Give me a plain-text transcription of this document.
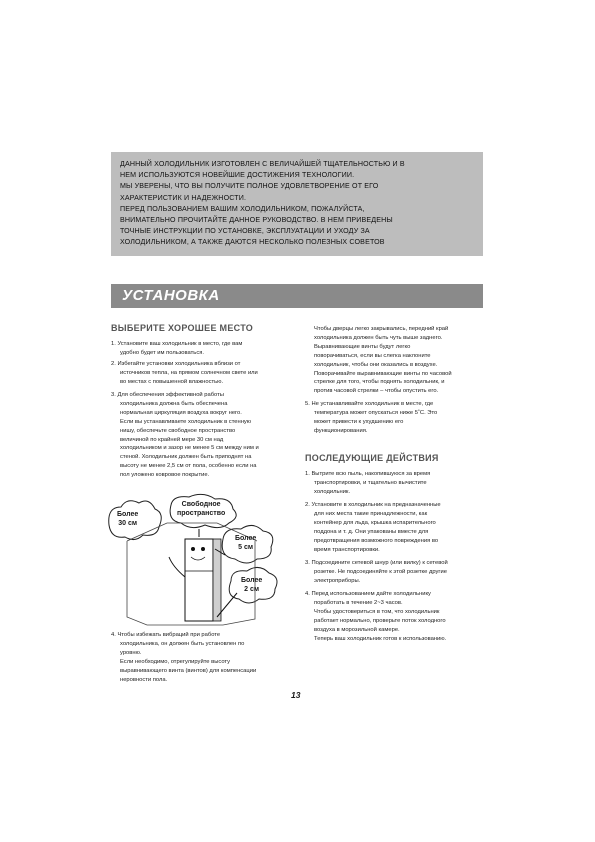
ДАННЫЙ ХОЛОДИЛЬНИК ИЗГОТОВЛЕН С ВЕЛИЧАЙШЕЙ ТЩАТЕЛЬНОСТЬЮ И В
НЕМ ИСПОЛЬЗУЮТСЯ НОВЕЙШИЕ ДОСТИЖЕНИЯ ТЕХНОЛОГИИ.
МЫ УВЕРЕНЫ, ЧТО ВЫ ПОЛУЧИТЕ ПОЛНОЕ УДОВЛЕТВОРЕНИЕ ОТ ЕГО
ХАРАКТЕРИСТИК И НАДЕЖНОСТИ.
ПЕРЕД ПОЛЬЗОВАНИЕМ ВАШИМ ХОЛОДИЛЬНИКОМ, ПОЖАЛУЙСТА,
ВНИМАТЕЛЬНО ПРОЧИТАЙТЕ ДАННОЕ РУКОВОДСТВО. В НЕМ ПРИВЕДЕНЫ
ТОЧНЫЕ ИНСТРУКЦИИ ПО УСТАНОВКЕ, ЭКСПЛУАТАЦИИ И УХОДУ ЗА
ХОЛОДИЛЬНИКОМ, А ТАКЖЕ ДАЮТСЯ НЕСКОЛЬКО ПОЛЕЗНЫХ СОВЕТОВ
УСТАНОВКА
ВЫБЕРИТЕ ХОРОШЕЕ МЕСТО
1. Установите ваш холодильник в место, где вам
удобно будет им пользоваться.
2. Избегайте установки холодильника вблизи от
источников тепла, на прямом солнечном свете или
во местах с повышенной влажностью.
3. Для обеспечения эффективной работы
холодильника должна быть обеспечена
нормальная циркуляция воздуха вокруг него.
Если вы устанавливаете холодильник в стенную
нишу, обеспечьте свободное пространство
величиной по крайней мере 30 см над
холодильником и зазор не менее 5 см между ним и
стеной. Холодильник должен быть приподнят на
высоту не менее 2,5 см от пола, особенно если на
пол уложено ковровое покрытие.
Более
30 см
Свободное
пространство
Более
5 см
Более
2 см
4. Чтобы избежать вибраций при работе
холодильника, он должен быть установлен по
уровню.
Если необходимо, отрегулируйте высоту
выравнивающего винта (винтов) для компенсации
неровности пола.
Чтобы дверцы легко закрывались, передний край
холодильника должен быть чуть выше заднего.
Выравнивающие винты будут легко
поворачиваться, если вы слегка наклоните
холодильник, чтобы они оказались в воздухе.
Поворачивайте выравнивающие винты по часовой
стрелке для того, чтобы поднять холодильник, и
против часовой стрелки – чтобы опустить его.
5. Не устанавливайте холодильник в месте, где
температура может опускаться ниже 5˚С. Это
может привести к ухудшению его
функционирования.
ПОСЛЕДУЮЩИЕ ДЕЙСТВИЯ
1. Вытрите всю пыль, накопившуюся за время
транспортировки, и тщательно вычистите
холодильник.
2. Установите в холодильник на предназначенные
для них места такие принадлежности, как
контейнер для льда, крышка испарительного
поддона и т. д. Они упакованы вместе для
предотвращения возможного повреждения во
время транспортировки.
3. Подсоедините сетевой шнур (или вилку) к сетевой
розетке. Не подсоединяйте к этой розетке другие
электроприборы.
4. Перед использованием дайте холодильнику
поработать в течение 2~3 часов.
Чтобы удостовериться в том, что холодильник
работает нормально, проверьте поток холодного
воздуха в морозильной камере.
Теперь ваш холодильник готов к использованию.
13
